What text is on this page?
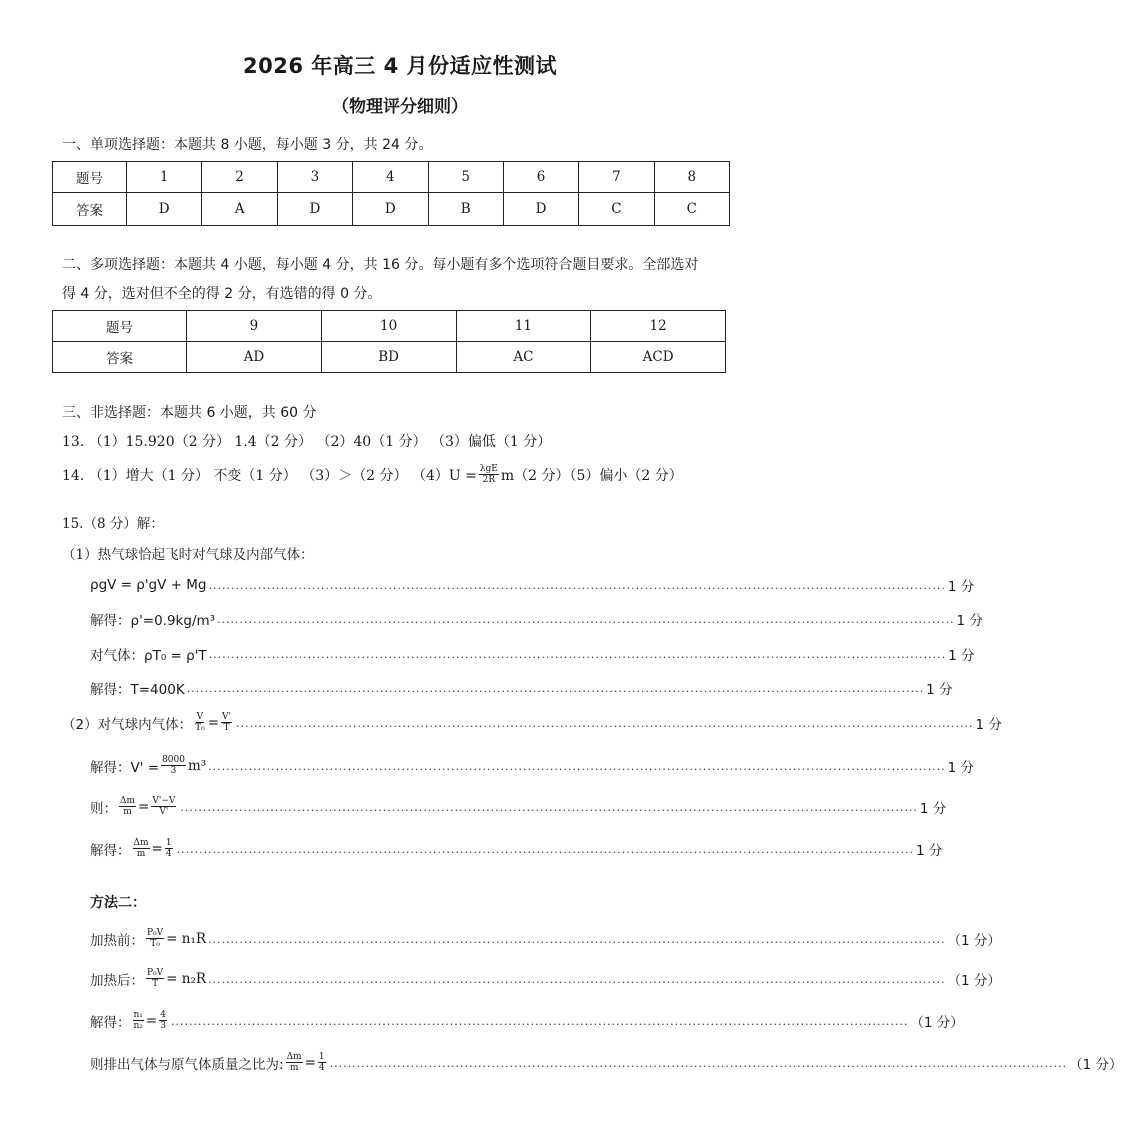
2026 年高三 4 月份适应性测试
（物理评分细则）
一、单项选择题：本题共 8 小题，每小题 3 分，共 24 分。
题号	1	2	3	4	5	6	7	8
答案	D	A	D	D	B	D	C	C
二、多项选择题：本题共 4 小题，每小题 4 分，共 16 分。每小题有多个选项符合题目要求。全部选对
得 4 分，选对但不全的得 2 分，有选错的得 0 分。
题号	9	10	11	12
答案	AD	BD	AC	ACD
三、非选择题：本题共 6 小题，共 60 分
13. （1）15.920（2 分） 1.4（2 分） （2）40（1 分） （3）偏低（1 分）
14. （1）增大（1 分） 不变（1 分） （3）＞（2 分） $(4)U = \frac{\text{λgE}}{2R} m(2$ 分）（5）偏小（2 分）
15.（8 分）解：
（1）热气球恰起飞时对气球及内部气体：
ρgV = ρ'gV + Mg .................................................................................................................................................................... 1 分
解得：ρ'=0.9kg/m³ .................................................................................................................................................................... 1 分
对气体：ρT₀ = ρ'T .................................................................................................................................................................... 1 分
解得：T=400K .................................................................................................................................................................... 1 分
（2）对气球内气体： $\frac{V}{\text{T₀}} = \frac{V'}{T}$ .................................................................................................................................................................... 1 分
解得：$V' = \frac{8000}{3} m^3$ .................................................................................................................................................................... 1 分
则： $\frac{\Delta m}{m} = \frac{V'-V}{V'}$ .................................................................................................................................................................... 1 分
解得： $\frac{\Delta m}{m} = \frac{1}{4}$ .................................................................................................................................................................... 1 分
方法二：
加热前： $\frac{\text{P₀V}}{\text{T₀}} = n_1R$ .................................................................................................................................................................... （1 分）
加热后： $\frac{\text{P₀V}}{T} = n_2R$ .................................................................................................................................................................... （1 分）
解得： $\frac{\text{n₁}}{\text{n₂}} = \frac{4}{3}$ .................................................................................................................................................................... （1 分）
则排出气体与原气体质量之比为: $\frac{\Delta m}{m} = \frac{1}{4}$ .................................................................................................................................................................... （1 分）
